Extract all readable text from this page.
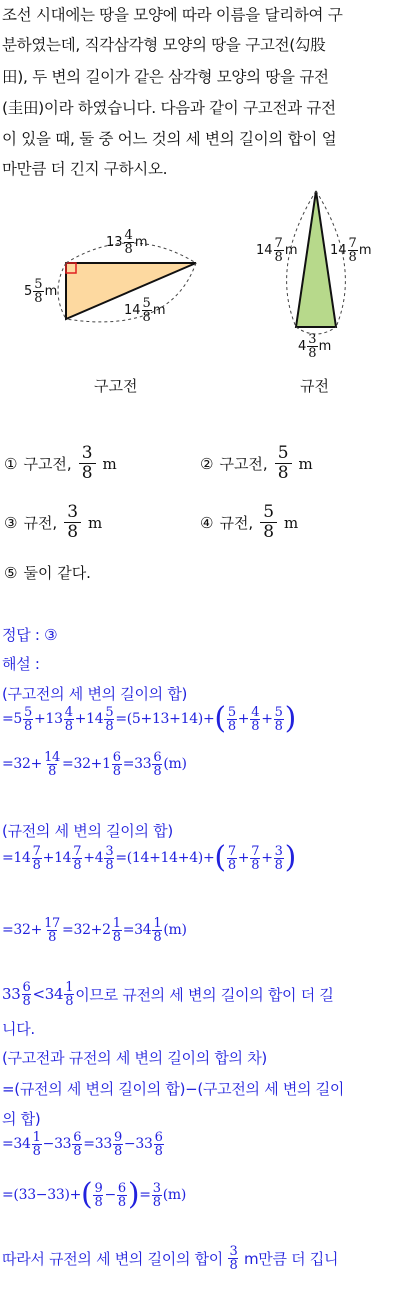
조선 시대에는 땅을 모양에 따라 이름을 달리하여 구
분하였는데, 직각삼각형 모양의 땅을 구고전(勾股
田), 두 변의 길이가 같은 삼각형 모양의 땅을 규전
(圭田)이라 하였습니다. 다음과 같이 구고전과 규전
이 있을 때, 둘 중 어느 것의 세 변의 길이의 합이 얼
마만큼 더 긴지 구하시오.
$13 \frac{4}{8}$ m
$5 \frac{5}{8}$ m
$14 \frac{5}{8}$ m
$14 \frac{7}{8}$ m	$14 \frac{7}{8}$ m
$4 \frac{3}{8}$ m
구고전	규전
① 구고전, $\frac{3}{8}$ m	② 구고전, $\frac{5}{8}$ m
③ 규전, $\frac{3}{8}$ m	④ 규전, $\frac{5}{8}$ m
⑤ 둘이 같다.
정답 : ③
해설 :
(구고전의 세 변의 길이의 합)
$=5 \frac{5}{8} +13 \frac{4}{8} +14 \frac{5}{8} =(5+13+14)+$ ( $\frac{5}{8} + \frac{4}{8} + \frac{5}{8}$ )
$=32+ \frac{14}{8} =32+1 \frac{6}{8} =33 \frac{6}{8} (m)$
(규전의 세 변의 길이의 합)
$=14 \frac{7}{8} +14 \frac{7}{8} +4 \frac{3}{8} =(14+14+4)+$ ( $\frac{7}{8} + \frac{7}{8} + \frac{3}{8}$ )
$=32+ \frac{17}{8} =32+2 \frac{1}{8} =34 \frac{1}{8} (m)$
$33 \frac{6}{8} <34 \frac{1}{8}$ 이므로 규전의 세 변의 길이의 합이 더 길
니다.
(구고전과 규전의 세 변의 길이의 합의 차)
=(규전의 세 변의 길이의 합)−(구고전의 세 변의 길이
의 합)
$=34 \frac{1}{8} -33 \frac{6}{8} =33 \frac{9}{8} -33 \frac{6}{8}$
=(33−33)+ ( $\frac{9}{8} - \frac{6}{8}$ ) = $\frac{3}{8} (m)$
따라서 규전의 세 변의 길이의 합이
$\frac{3}{8}$
m만큼 더 깁니
